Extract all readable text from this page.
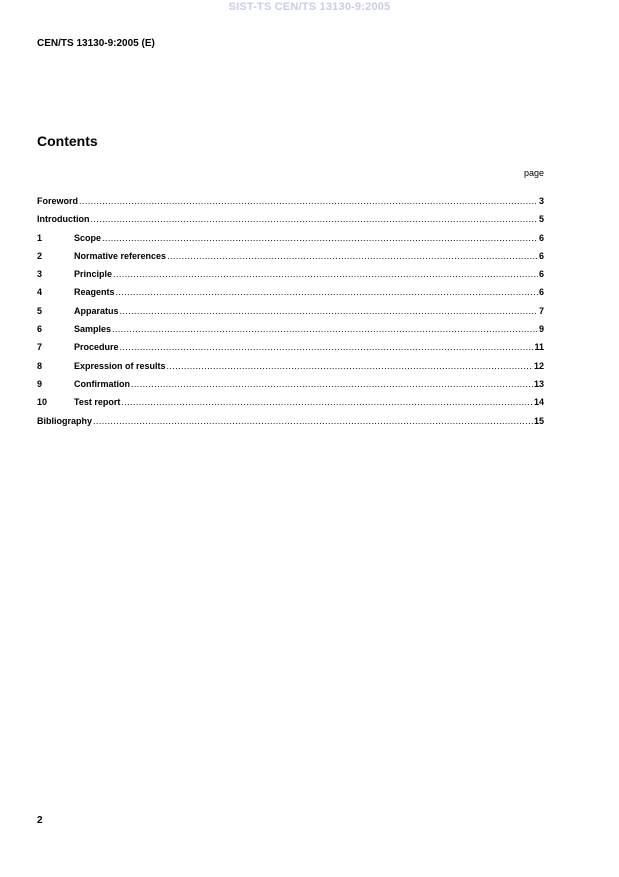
SIST-TS CEN/TS 13130-9:2005
CEN/TS 13130-9:2005 (E)
Contents
page
Foreword .....	3
Introduction .....	5
1	Scope .....	6
2	Normative references .....	6
3	Principle .....	6
4	Reagents .....	6
5	Apparatus .....	7
6	Samples .....	9
7	Procedure .....	11
8	Expression of results .....	12
9	Confirmation .....	13
10	Test report .....	14
Bibliography .....	15
2
